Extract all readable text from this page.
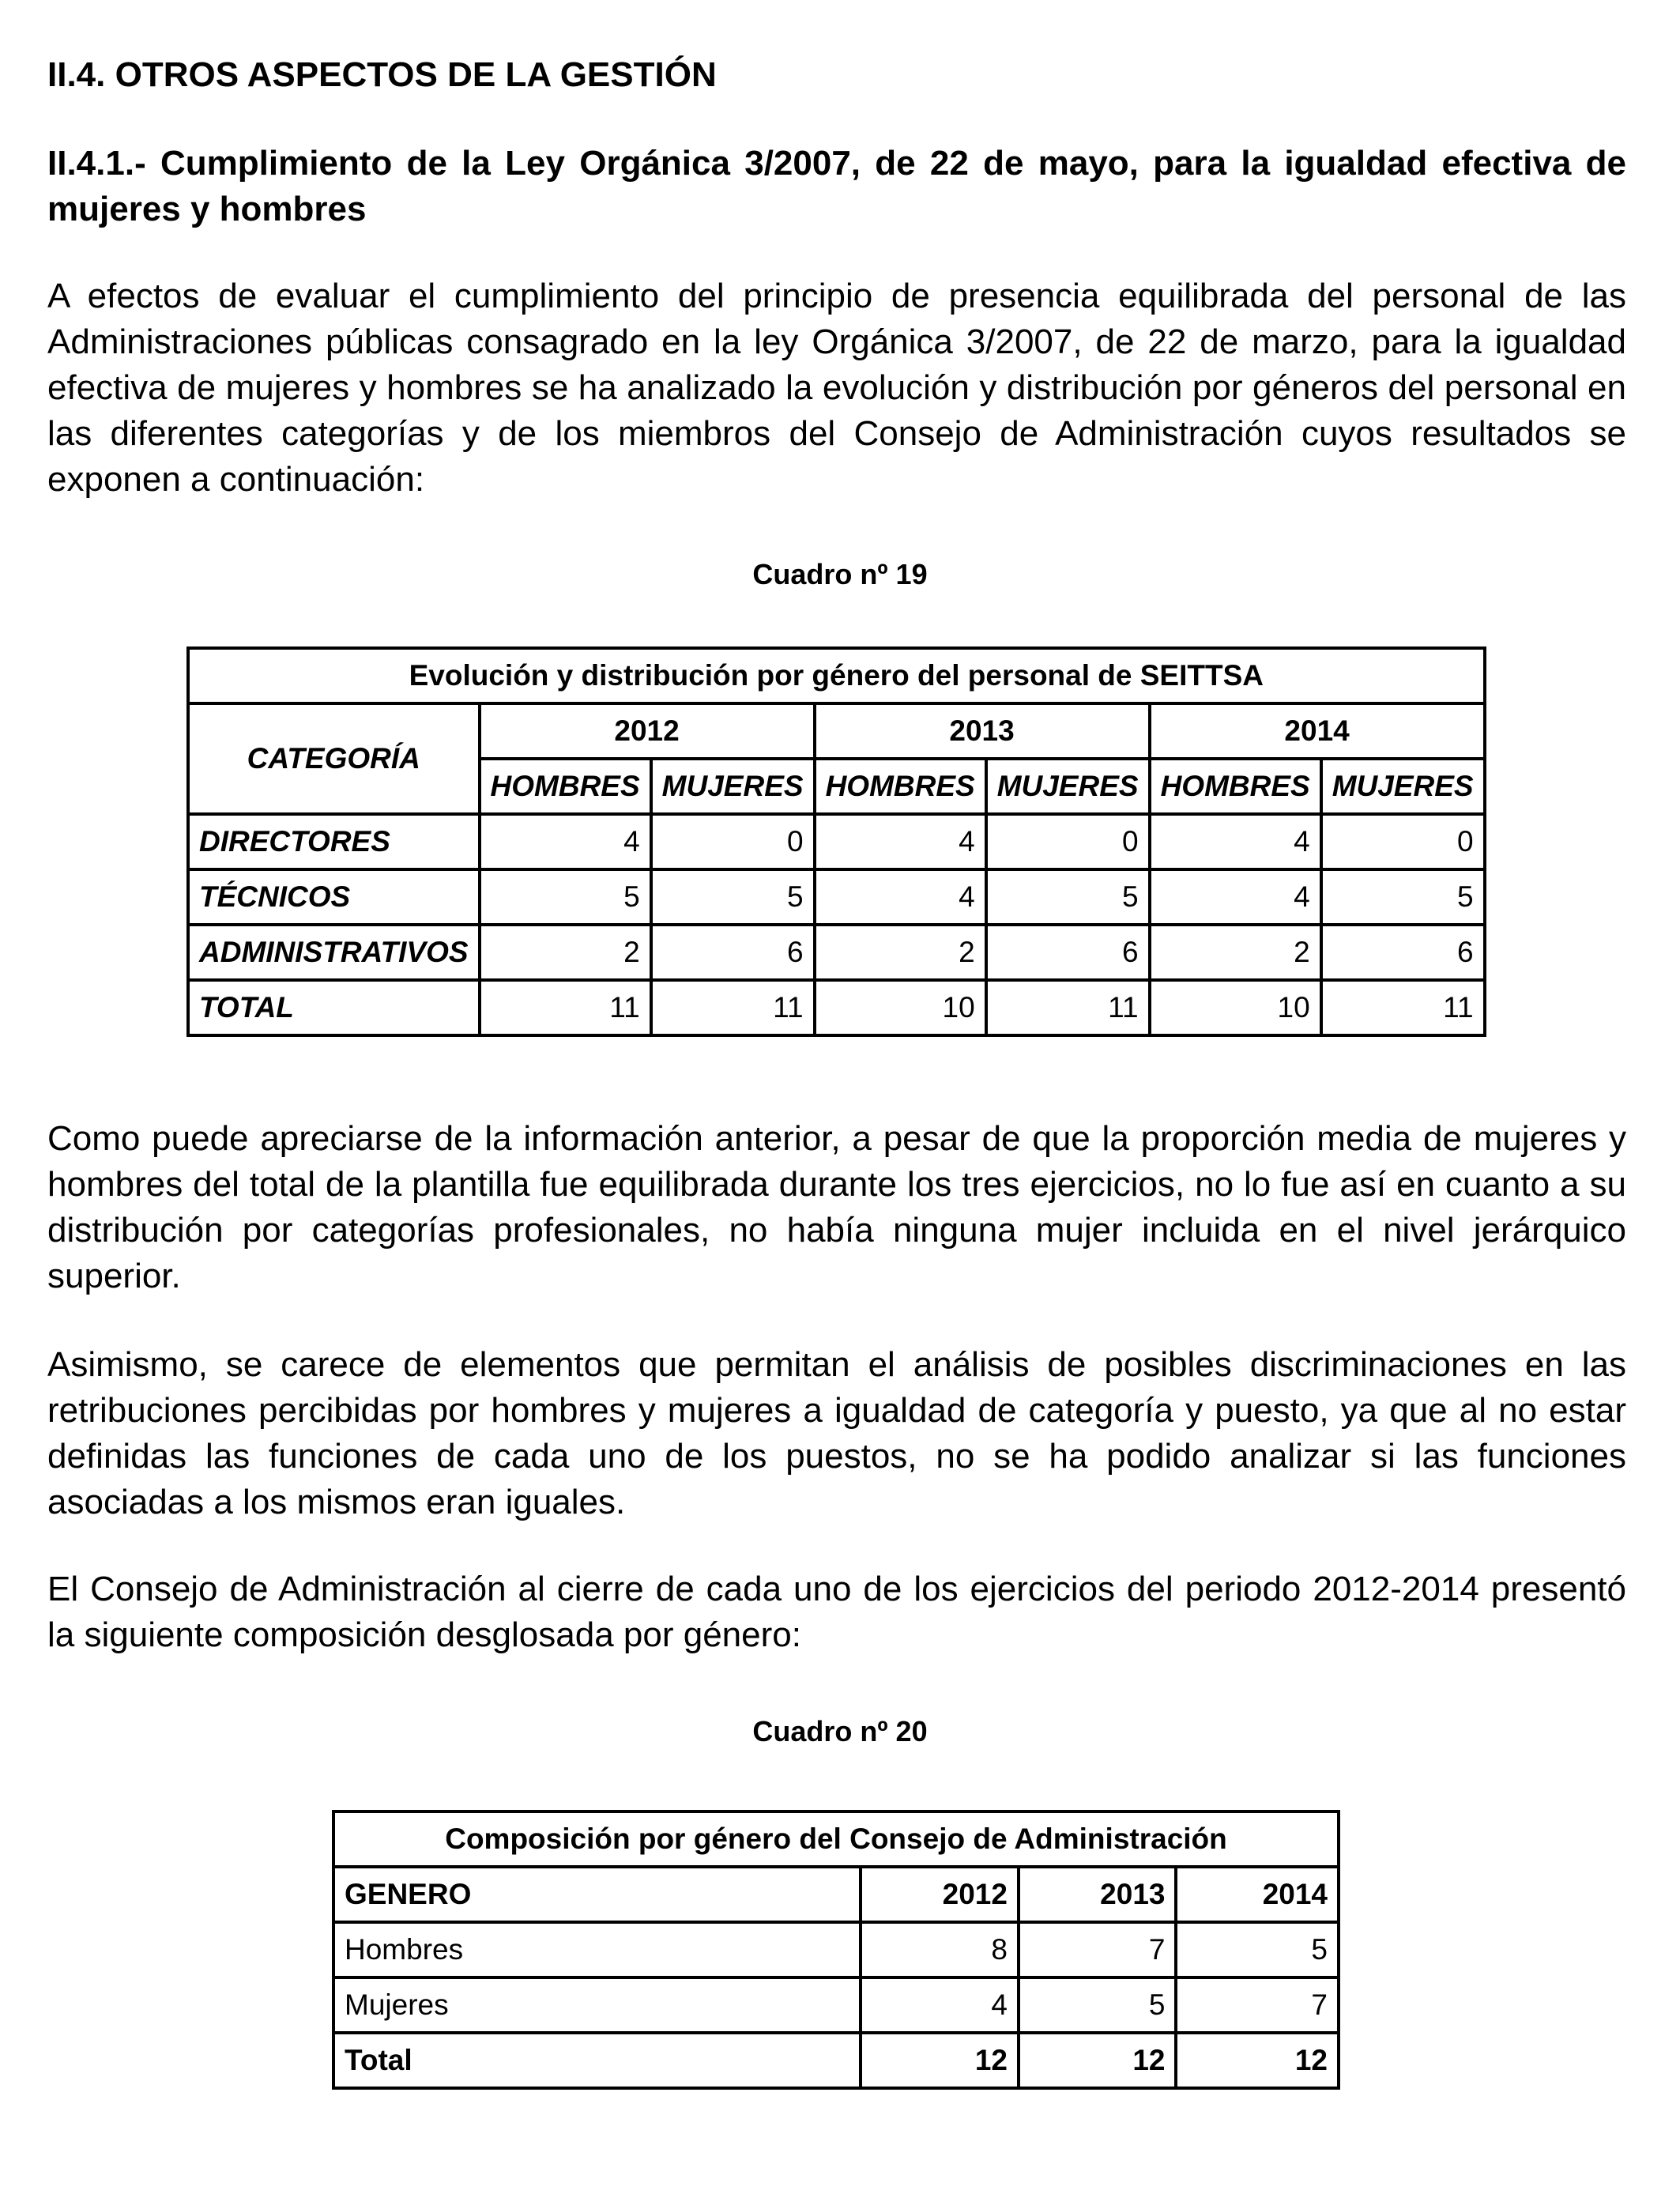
II.4. OTROS ASPECTOS DE LA GESTIÓN
II.4.1.- Cumplimiento de la Ley Orgánica 3/2007, de 22 de mayo, para la igualdad efectiva de mujeres y hombres
A efectos de evaluar el cumplimiento del principio de presencia equilibrada del personal de las Administraciones públicas consagrado en la ley Orgánica 3/2007, de 22 de marzo, para la igualdad efectiva de mujeres y hombres se ha analizado la evolución y distribución por géneros del personal en las diferentes categorías y de los miembros del Consejo de Administración cuyos resultados se exponen a continuación:
Cuadro nº 19
Evolución y distribución por género del personal de SEITTSA						
CATEGORÍA	2012		2013		2014	
	HOMBRES	MUJERES	HOMBRES	MUJERES	HOMBRES	MUJERES
DIRECTORES	4	0	4	0	4	0
TÉCNICOS	5	5	4	5	4	5
ADMINISTRATIVOS	2	6	2	6	2	6
TOTAL	11	11	10	11	10	11
Como puede apreciarse de la información anterior, a pesar de que la proporción media de mujeres y hombres del total de la plantilla fue equilibrada durante los tres ejercicios, no lo fue así en cuanto a su distribución por categorías profesionales, no había ninguna mujer incluida en el nivel jerárquico superior.
Asimismo, se carece de elementos que permitan el análisis de posibles discriminaciones en las retribuciones percibidas por hombres y mujeres a igualdad de categoría y puesto, ya que al no estar definidas las funciones de cada uno de los puestos, no se ha podido analizar si las funciones asociadas a los mismos eran iguales.
El Consejo de Administración al cierre de cada uno de los ejercicios del periodo 2012-2014 presentó la siguiente composición desglosada por género:
Cuadro nº 20
Composición por género del Consejo de Administración			
GENERO	2012	2013	2014
Hombres	8	7	5
Mujeres	4	5	7
Total	12	12	12
